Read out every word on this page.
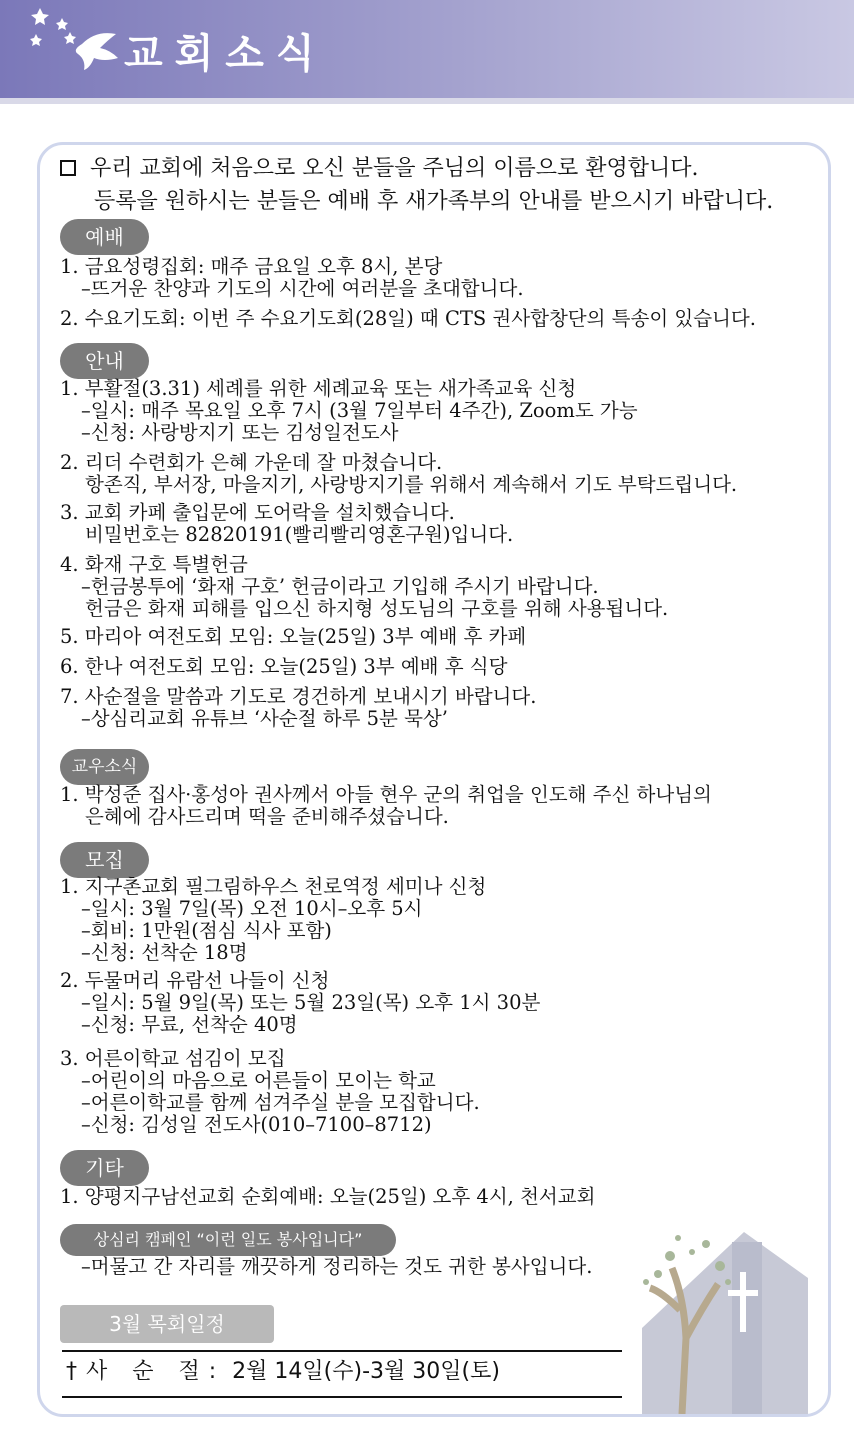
교회소식
우리 교회에 처음으로 오신 분들을 주님의 이름으로 환영합니다.
등록을 원하시는 분들은 예배 후 새가족부의 안내를 받으시기 바랍니다.
예배
1. 금요성령집회: 매주 금요일 오후 8시, 본당
–뜨거운 찬양과 기도의 시간에 여러분을 초대합니다.
2. 수요기도회: 이번 주 수요기도회(28일) 때 CTS 권사합창단의 특송이 있습니다.
안내
1. 부활절(3.31) 세례를 위한 세례교육 또는 새가족교육 신청
–일시: 매주 목요일 오후 7시 (3월 7일부터 4주간), Zoom도 가능
–신청: 사랑방지기 또는 김성일전도사
2. 리더 수련회가 은혜 가운데 잘 마쳤습니다.
항존직, 부서장, 마을지기, 사랑방지기를 위해서 계속해서 기도 부탁드립니다.
3. 교회 카페 출입문에 도어락을 설치했습니다.
비밀번호는 82820191(빨리빨리영혼구원)입니다.
4. 화재 구호 특별헌금
–헌금봉투에 ‘화재 구호’ 헌금이라고 기입해 주시기 바랍니다.
헌금은 화재 피해를 입으신 하지형 성도님의 구호를 위해 사용됩니다.
5. 마리아 여전도회 모임: 오늘(25일) 3부 예배 후 카페
6. 한나 여전도회 모임: 오늘(25일) 3부 예배 후 식당
7. 사순절을 말씀과 기도로 경건하게 보내시기 바랍니다.
–상심리교회 유튜브 ‘사순절 하루 5분 묵상’
교우소식
1. 박성준 집사·홍성아 권사께서 아들 현우 군의 취업을 인도해 주신 하나님의
은혜에 감사드리며 떡을 준비해주셨습니다.
모집
1. 지구촌교회 필그림하우스 천로역정 세미나 신청
–일시: 3월 7일(목) 오전 10시–오후 5시
–회비: 1만원(점심 식사 포함)
–신청: 선착순 18명
2. 두물머리 유람선 나들이 신청
–일시: 5월 9일(목) 또는 5월 23일(목) 오후 1시 30분
–신청: 무료, 선착순 40명
3. 어른이학교 섬김이 모집
–어린이의 마음으로 어른들이 모이는 학교
–어른이학교를 함께 섬겨주실 분을 모집합니다.
–신청: 김성일 전도사(010–7100–8712)
기타
1. 양평지구남선교회 순회예배: 오늘(25일) 오후 4시, 천서교회
상심리 캠페인 “이런 일도 봉사입니다”
–머물고 간 자리를 깨끗하게 정리하는 것도 귀한 봉사입니다.
3월 목회일정
†사 순 절: 2월 14일(수)-3월 30일(토)
